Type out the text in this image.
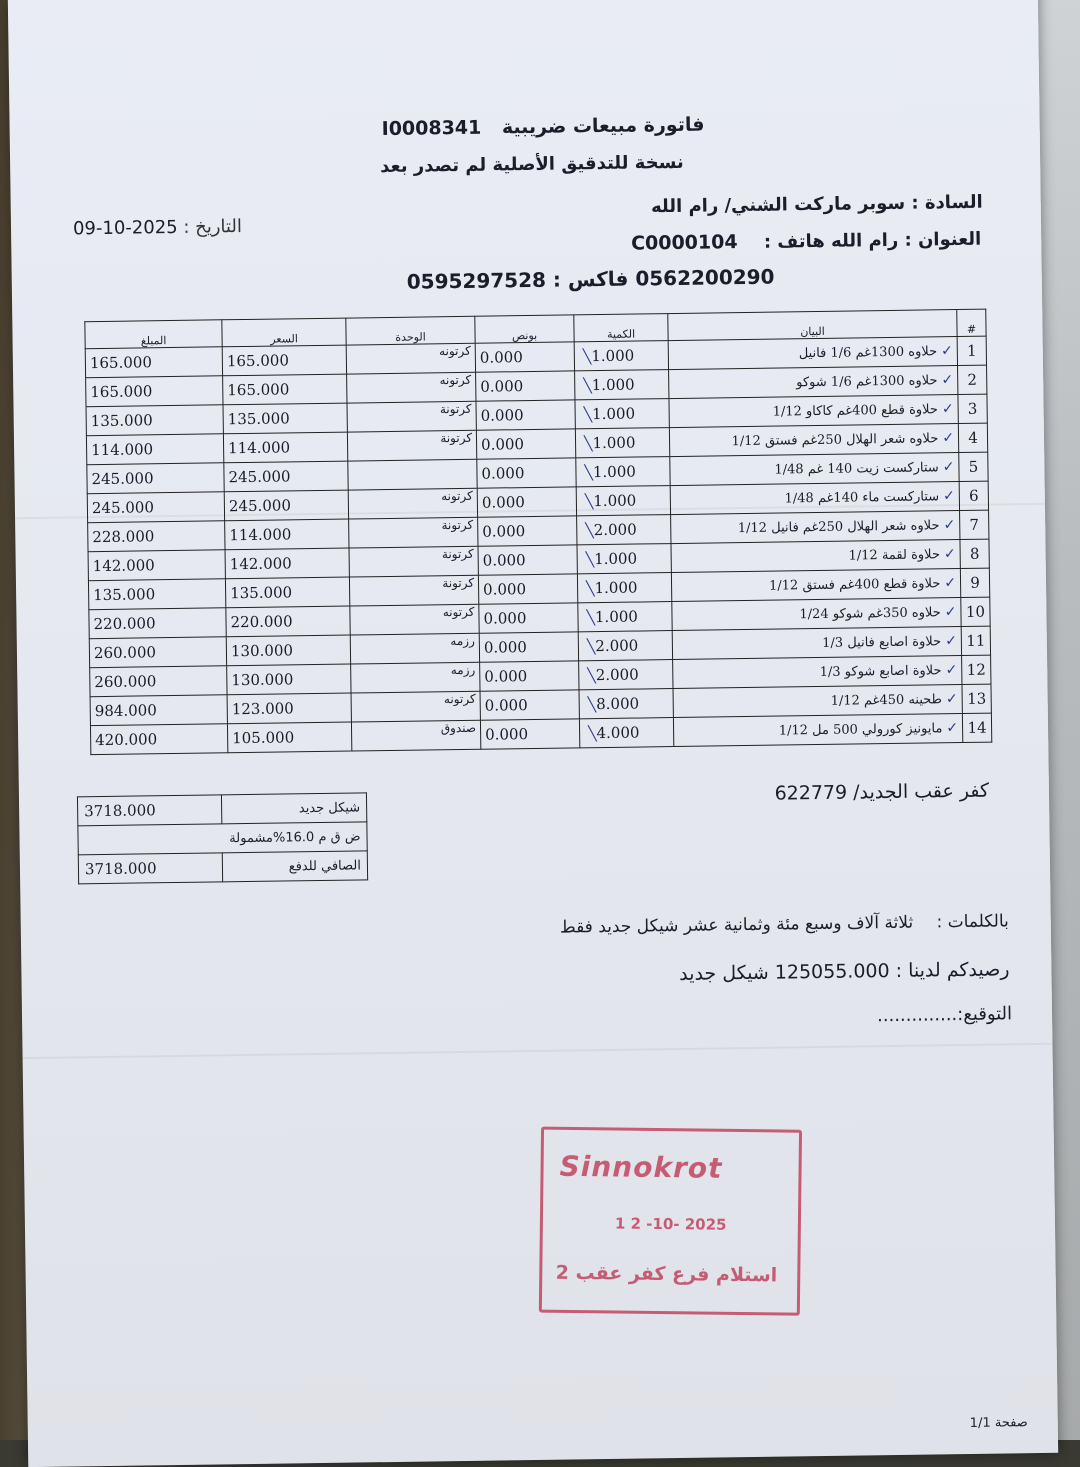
فاتورة مبيعات ضريبية I0008341
نسخة للتدقيق الأصلية لم تصدر بعد
السادة : سوبر ماركت الشني/ رام الله
التاريخ : 2025-10-09
العنوان : رام الله هاتف : C0000104
0562200290 فاكس : 0595297528
#	البيان	الكمية	بونص	الوحدة	السعر	المبلغ
1	✓حلاوه 1300غم 1/6 فانيل	1.000╲	0.000	كرتونه	165.000	165.000
2	✓حلاوه 1300غم 1/6 شوكو	1.000╲	0.000	كرتونه	165.000	165.000
3	✓حلاوة قطع 400غم كاكاو 1/12	1.000╲	0.000	كرتونة	135.000	135.000
4	✓حلاوه شعر الهلال 250غم فستق 1/12	1.000╲	0.000	كرتونة	114.000	114.000
5	✓ستاركست زيت 140 غم 1/48	1.000╲	0.000		245.000	245.000
6	✓ستاركست ماء 140غم 1/48	1.000╲	0.000	كرتونه	245.000	245.000
7	✓حلاوه شعر الهلال 250غم فانيل 1/12	2.000╲	0.000	كرتونة	114.000	228.000
8	✓حلاوة لقمة 1/12	1.000╲	0.000	كرتونة	142.000	142.000
9	✓حلاوة قطع 400غم فستق 1/12	1.000╲	0.000	كرتونة	135.000	135.000
10	✓حلاوه 350غم شوكو 1/24	1.000╲	0.000	كرتونه	220.000	220.000
11	✓حلاوة اصابع فانيل 1/3	2.000╲	0.000	رزمه	130.000	260.000
12	✓حلاوة اصابع شوكو 1/3	2.000╲	0.000	رزمه	130.000	260.000
13	✓طحينه 450غم 1/12	8.000╲	0.000	كرتونه	123.000	984.000
14	✓مايونيز كورولي 500 مل 1/12	4.000╲	0.000	صندوق	105.000	420.000
3718.000	شيكل جديد
ض ق م 16.0%مشمولة	
3718.000	الصافي للدفع
كفر عقب الجديد/ 622779
بالكلمات : ثلاثة آلاف وسبع مئة وثمانية عشر شيكل جديد فقط
رصيدكم لدينا : 125055.000 شيكل جديد
التوقيع:..............
Sinnokrot
1 2 -10- 2025
استلام فرع كفر عقب 2
صفحة 1/1
